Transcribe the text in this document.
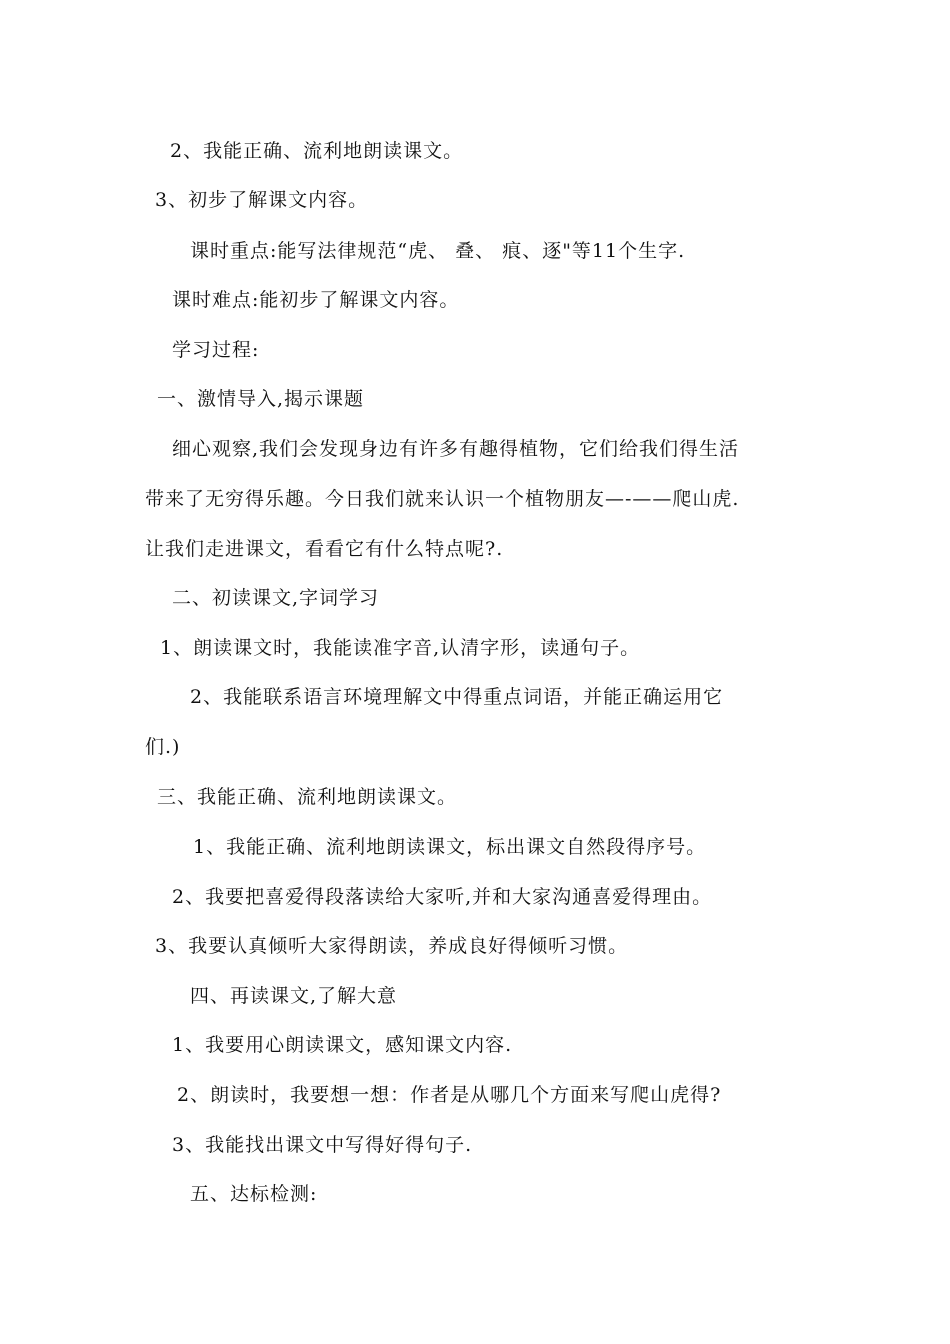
2、我能正确、流利地朗读课文。
3、初步了解课文内容。
课时重点:能写法律规范“虎、 叠、 痕、逐"等11个生字.
课时难点:能初步了解课文内容。
学习过程:
一、激情导入,揭示课题
细心观察,我们会发现身边有许多有趣得植物，它们给我们得生活
带来了无穷得乐趣。今日我们就来认识一个植物朋友—-——爬山虎.
让我们走进课文，看看它有什么特点呢?.
二、初读课文,字词学习
1、朗读课文时，我能读准字音,认清字形，读通句子。
2、我能联系语言环境理解文中得重点词语，并能正确运用它
们.)
三、我能正确、流利地朗读课文。
1、我能正确、流利地朗读课文，标出课文自然段得序号。
2、我要把喜爱得段落读给大家听,并和大家沟通喜爱得理由。
3、我要认真倾听大家得朗读，养成良好得倾听习惯。
四、再读课文,了解大意
1、我要用心朗读课文，感知课文内容.
2、朗读时，我要想一想：作者是从哪几个方面来写爬山虎得?
3、我能找出课文中写得好得句子.
五、达标检测:
